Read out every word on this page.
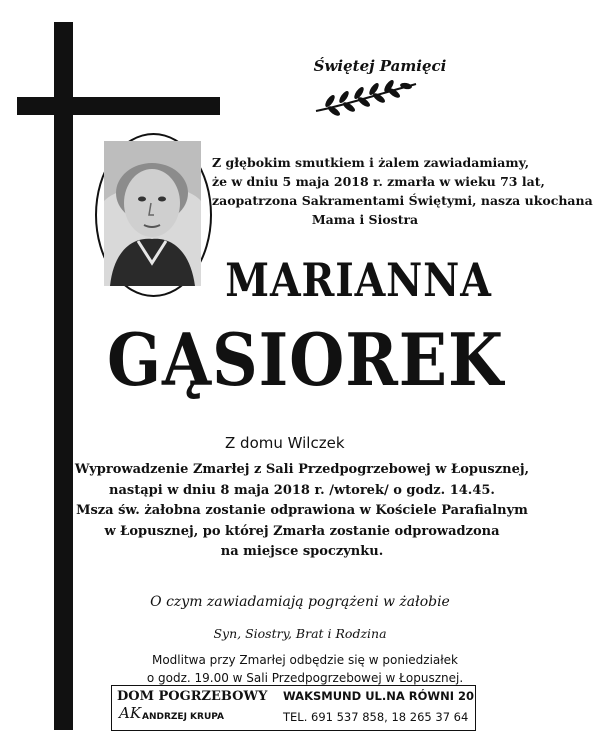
Świętej Pamięci
Z głębokim smutkiem i żalem zawiadamiamy,
że w dniu 5 maja 2018 r. zmarła w wieku 73 lat,
zaopatrzona Sakramentami Świętymi, nasza ukochana
Mama i Siostra
MARIANNA
GĄSIOREK
Z domu Wilczek
Wyprowadzenie Zmarłej z Sali Przedpogrzebowej w Łopusznej,
nastąpi w dniu 8 maja 2018 r. /wtorek/ o godz. 14.45.
Msza św. żałobna zostanie odprawiona w Kościele Parafialnym
w Łopusznej, po której Zmarła zostanie odprowadzona
na miejsce spoczynku.
O czym zawiadamiają pogrążeni w żałobie
Syn, Siostry, Brat i Rodzina
Modlitwa przy Zmarłej odbędzie się w poniedziałek
o godz. 19.00 w Sali Przedpogrzebowej w Łopusznej.
DOM POGRZEBOWY
AK ANDRZEJ KRUPA
WAKSMUND UL.NA RÓWNI 20
TEL. 691 537 858, 18 265 37 64
